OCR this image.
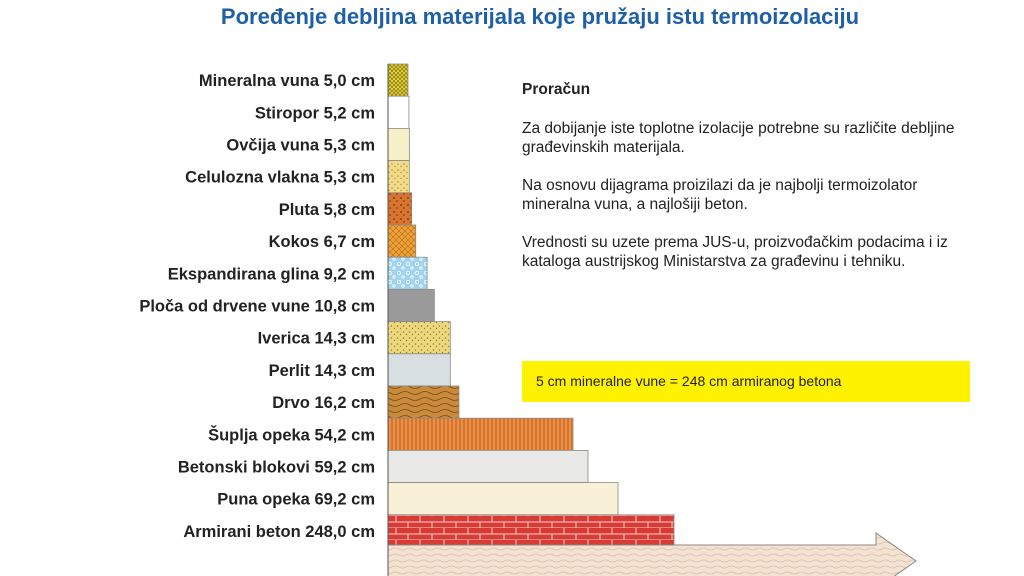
Poređenje debljina materijala koje pružaju istu termoizolaciju
Mineralna vuna 5,0 cm
Stiropor 5,2 cm
Ovčija vuna 5,3 cm
Celulozna vlakna 5,3 cm
Pluta 5,8 cm
Kokos 6,7 cm
Ekspandirana glina 9,2 cm
Ploča od drvene vune 10,8 cm
Iverica 14,3 cm
Perlit 14,3 cm
Drvo 16,2 cm
Šuplja opeka 54,2 cm
Betonski blokovi 59,2 cm
Puna opeka 69,2 cm
Armirani beton 248,0 cm
Proračun

Za dobijanje iste toplotne izolacije potrebne su različite debljine građevinskih materijala.

Na osnovu dijagrama proizilazi da je najbolji termoizolator mineralna vuna, a najlošiji beton.

Vrednosti su uzete prema JUS-u, proizvođačkim podacima i iz kataloga austrijskog Ministarstva za građevinu i tehniku.

5 cm mineralne vune = 248 cm armiranog betona
